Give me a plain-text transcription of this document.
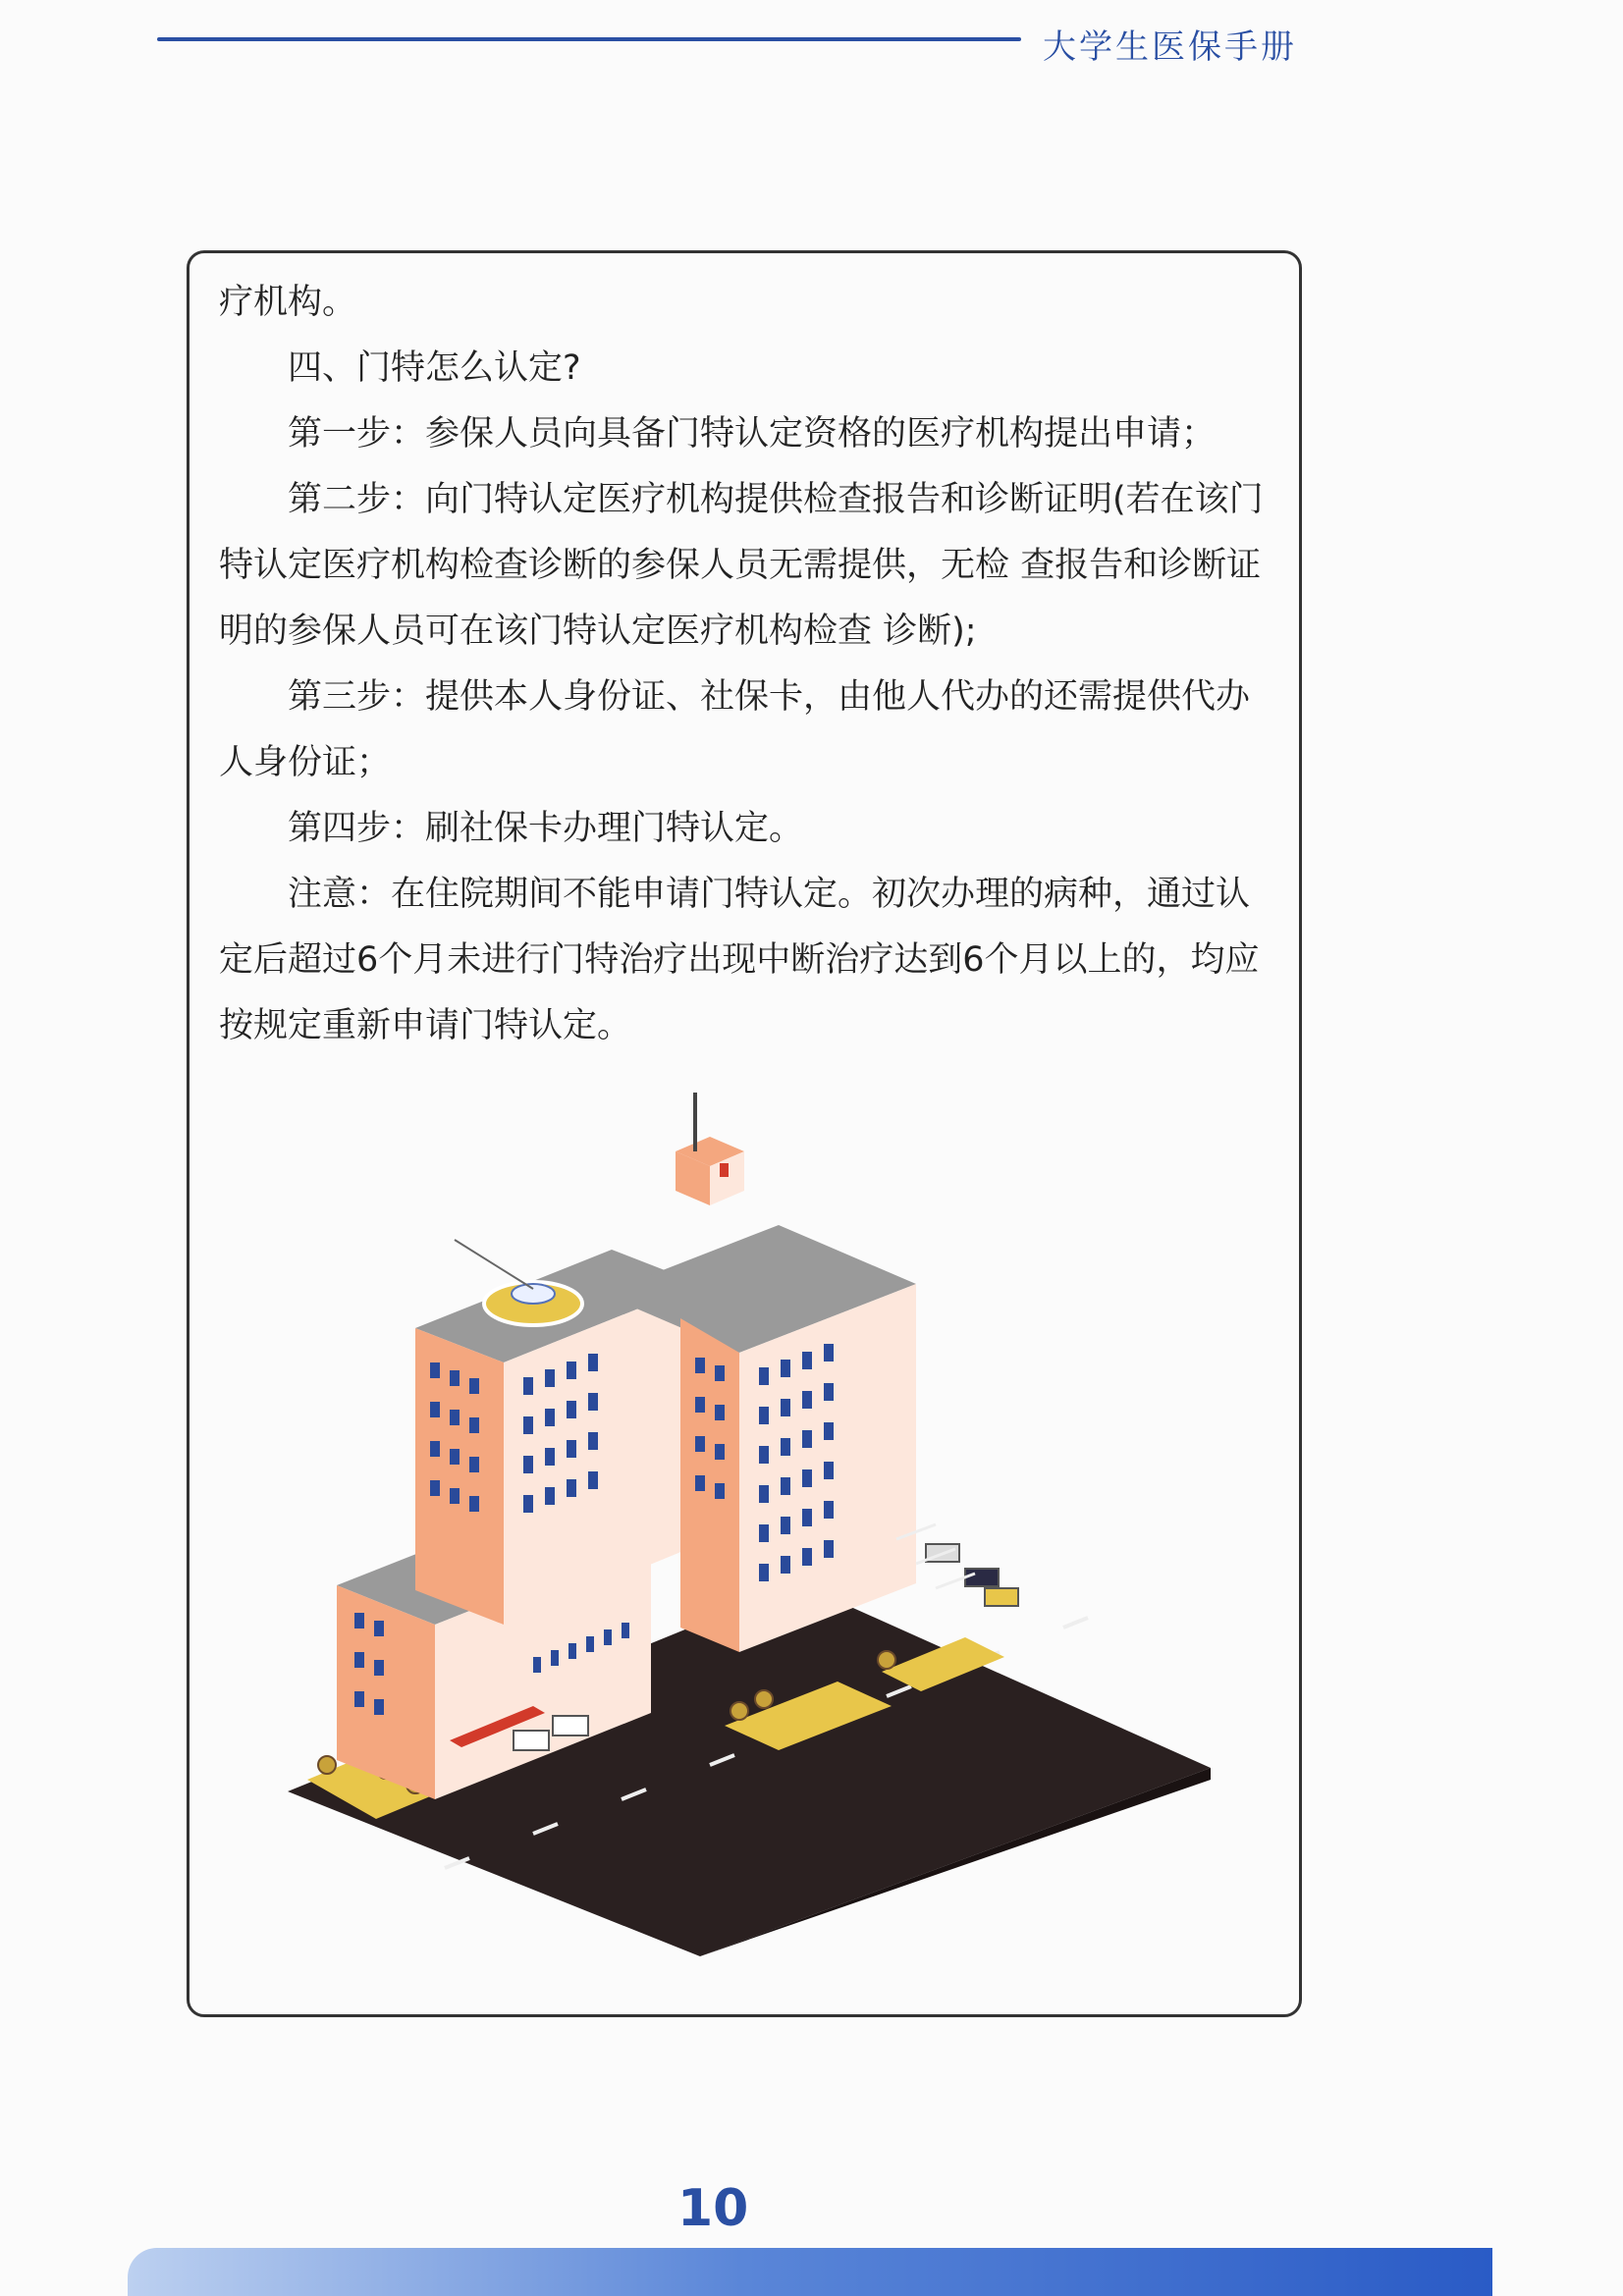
大学生医保手册

疗机构。

四、门特怎么认定?

第一步：参保人员向具备门特认定资格的医疗机构提出申请；

第二步：向门特认定医疗机构提供检查报告和诊断证明(若在该门特认定医疗机构检查诊断的参保人员无需提供，无检 查报告和诊断证明的参保人员可在该门特认定医疗机构检查 诊断);

第三步：提供本人身份证、社保卡，由他人代办的还需提供代办人身份证；

第四步：刷社保卡办理门特认定。

注意：在住院期间不能申请门特认定。初次办理的病种，通过认定后超过6个月未进行门特治疗出现中断治疗达到6个月以上的，均应按规定重新申请门特认定。

10
